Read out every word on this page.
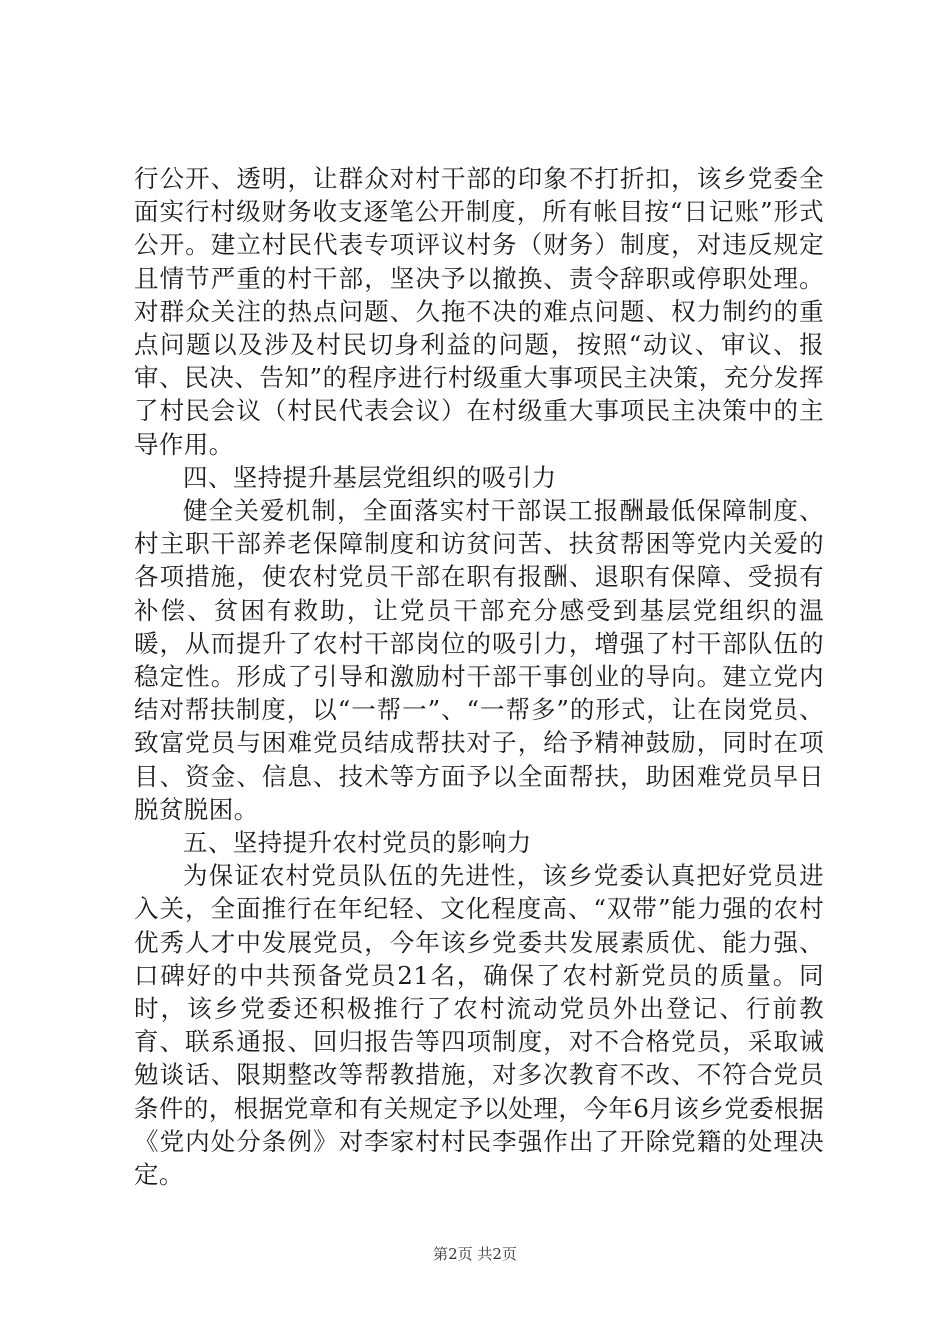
行公开、透明，让群众对村干部的印象不打折扣，该乡党委全面实行村级财务收支逐笔公开制度，所有帐目按“日记账”形式公开。建立村民代表专项评议村务（财务）制度，对违反规定且情节严重的村干部，坚决予以撤换、责令辞职或停职处理。对群众关注的热点问题、久拖不决的难点问题、权力制约的重点问题以及涉及村民切身利益的问题，按照“动议、审议、报审、民决、告知”的程序进行村级重大事项民主决策，充分发挥了村民会议（村民代表会议）在村级重大事项民主决策中的主导作用。

四、坚持提升基层党组织的吸引力

健全关爱机制，全面落实村干部误工报酬最低保障制度、村主职干部养老保障制度和访贫问苦、扶贫帮困等党内关爱的各项措施，使农村党员干部在职有报酬、退职有保障、受损有补偿、贫困有救助，让党员干部充分感受到基层党组织的温暖，从而提升了农村干部岗位的吸引力，增强了村干部队伍的稳定性。形成了引导和激励村干部干事创业的导向。建立党内结对帮扶制度，以“一帮一”、“一帮多”的形式，让在岗党员、致富党员与困难党员结成帮扶对子，给予精神鼓励，同时在项目、资金、信息、技术等方面予以全面帮扶，助困难党员早日脱贫脱困。

五、坚持提升农村党员的影响力

为保证农村党员队伍的先进性，该乡党委认真把好党员进入关，全面推行在年纪轻、文化程度高、“双带”能力强的农村优秀人才中发展党员，今年该乡党委共发展素质优、能力强、口碑好的中共预备党员21名，确保了农村新党员的质量。同时，该乡党委还积极推行了农村流动党员外出登记、行前教育、联系通报、回归报告等四项制度，对不合格党员，采取诫勉谈话、限期整改等帮教措施，对多次教育不改、不符合党员条件的，根据党章和有关规定予以处理，今年6月该乡党委根据《党内处分条例》对李家村村民李强作出了开除党籍的处理决定。

第2页 共2页
